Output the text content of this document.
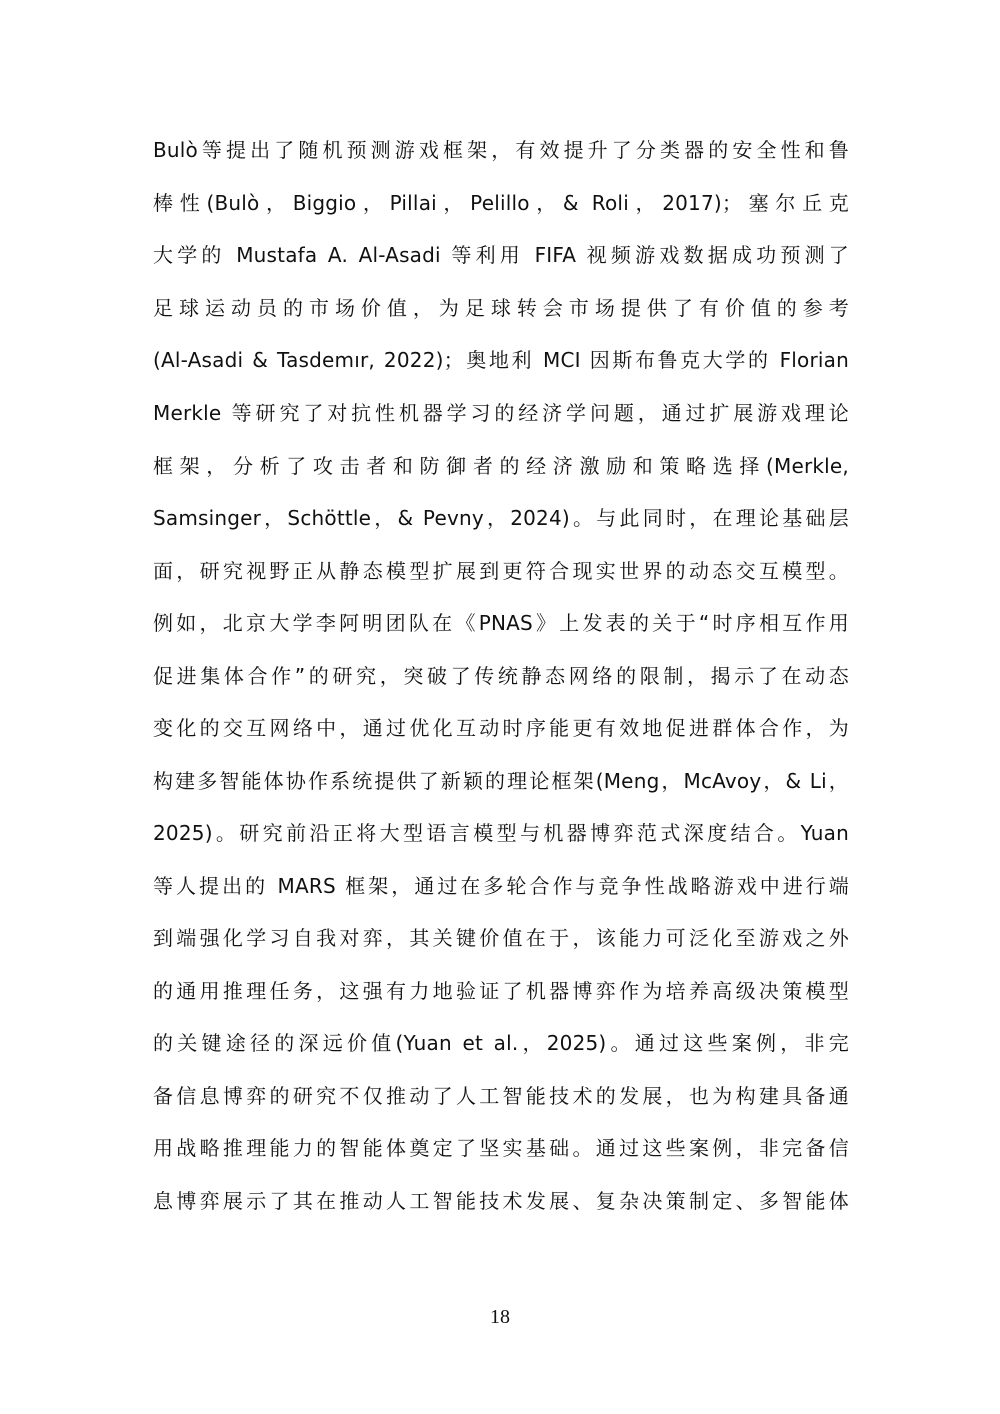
Bulò等提出了随机预测游戏框架，有效提升了分类器的安全性和鲁
棒性(Bulò，Biggio，Pillai，Pelillo，& Roli，2017)；塞尔丘克
大学的 Mustafa A. Al-Asadi 等利用 FIFA 视频游戏数据成功预测了
足球运动员的市场价值，为足球转会市场提供了有价值的参考
(Al-Asadi & Tasdemır, 2022)；奥地利 MCI 因斯布鲁克大学的 Florian
Merkle 等研究了对抗性机器学习的经济学问题，通过扩展游戏理论
框架，分析了攻击者和防御者的经济激励和策略选择(Merkle,
Samsinger，Schöttle，& Pevny，2024)。与此同时，在理论基础层
面，研究视野正从静态模型扩展到更符合现实世界的动态交互模型。
例如，北京大学李阿明团队在《PNAS》上发表的关于“时序相互作用
促进集体合作”的研究，突破了传统静态网络的限制，揭示了在动态
变化的交互网络中，通过优化互动时序能更有效地促进群体合作，为
构建多智能体协作系统提供了新颖的理论框架(Meng，McAvoy，& Li，
2025)。研究前沿正将大型语言模型与机器博弈范式深度结合。Yuan
等人提出的 MARS 框架，通过在多轮合作与竞争性战略游戏中进行端
到端强化学习自我对弈，其关键价值在于，该能力可泛化至游戏之外
的通用推理任务，这强有力地验证了机器博弈作为培养高级决策模型
的关键途径的深远价值(Yuan et al.，2025)。通过这些案例，非完
备信息博弈的研究不仅推动了人工智能技术的发展，也为构建具备通
用战略推理能力的智能体奠定了坚实基础。通过这些案例，非完备信
息博弈展示了其在推动人工智能技术发展、复杂决策制定、多智能体
18
